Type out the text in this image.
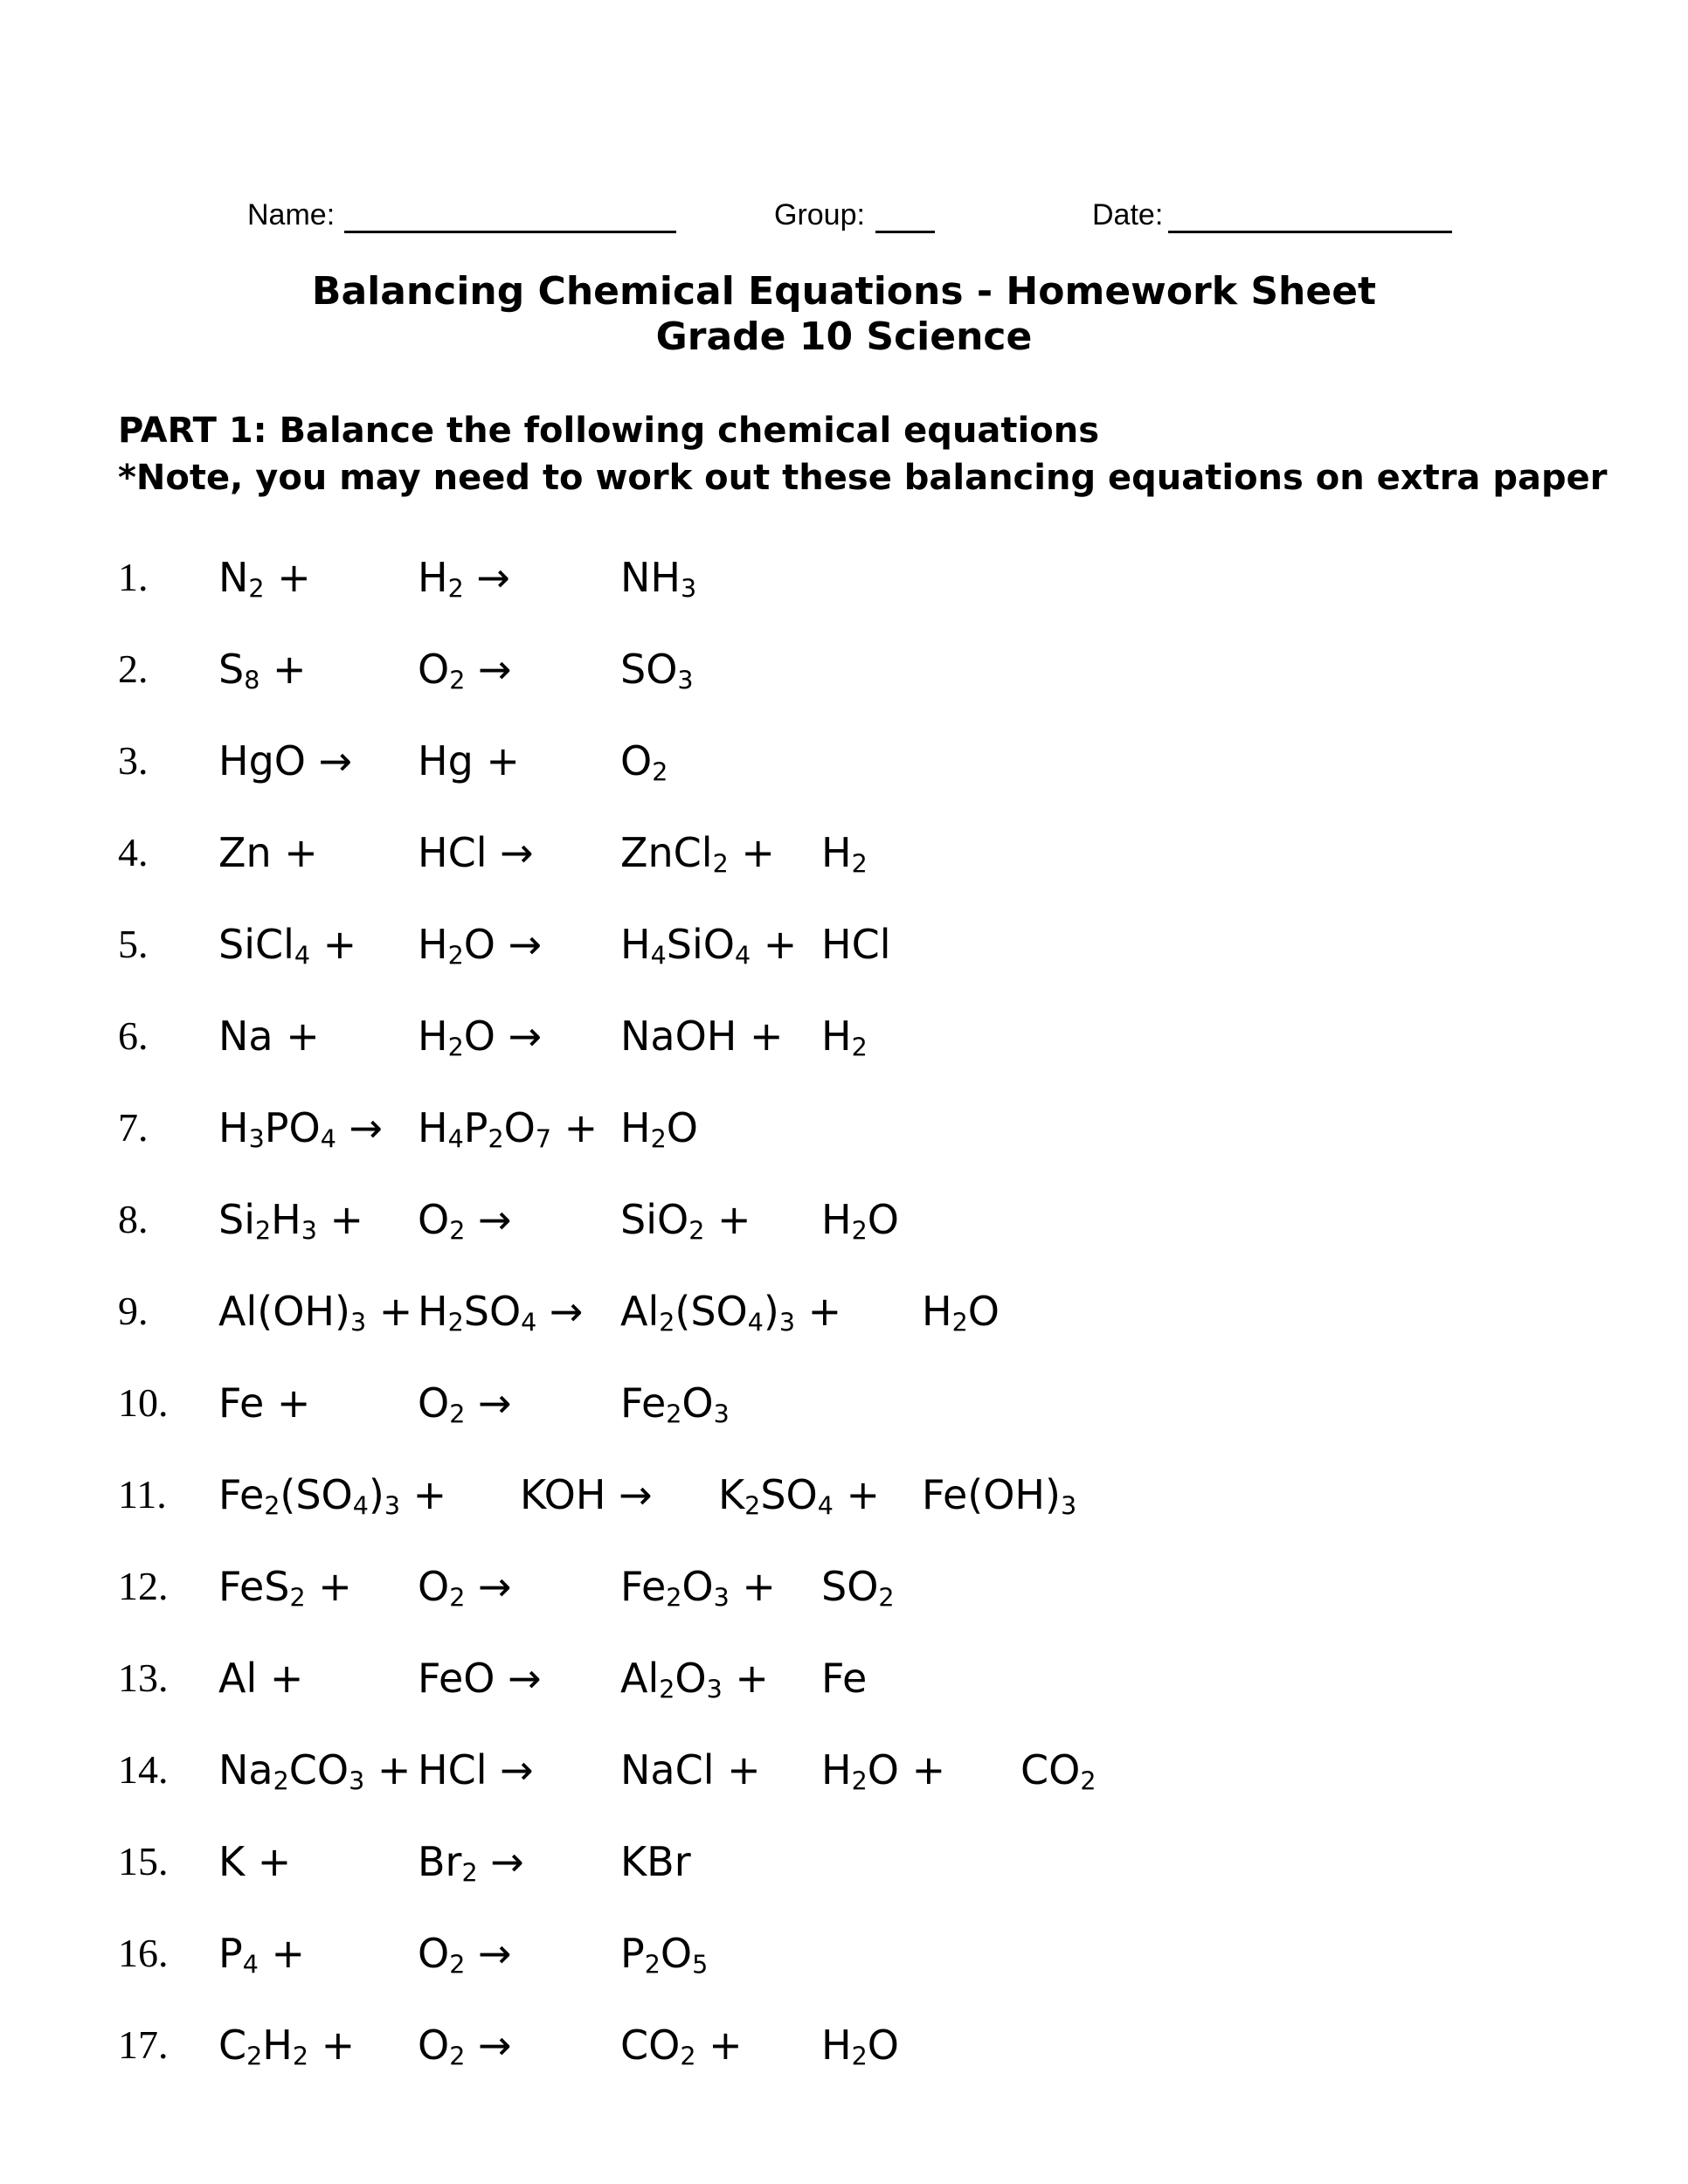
Name:	Group:	Date:
Balancing Chemical Equations - Homework Sheet
Grade 10 Science
PART 1: Balance the following chemical equations
*Note, you may need to work out these balancing equations on extra paper
1. $N_2$ +	$H_2$ →	$NH_3$
2. $S_8$ +	$O_2$ →	$SO_3$
3. HgO → Hg +	$O_2$
4. Zn + HCl → ZnCl$_2$ + $H_2$
5. SiCl$_4$ + $H_2O \to H_4SiO_4$ + HCl
6. $Na + H_2O$ → NaOH + $H_2$
7. $H_3PO_4 \to H_4P_2O_7 + H_2O$
8. $Si_2H_3 + O_2$ →	$SiO_2 + H_2O$
9. $Al(OH)_3 + H_2SO_4 \to Al_2(SO_4)_3 + H_2O$
10. Fe +	$O_2$ →	$Fe_2O_3$
11. $Fe_2(SO_4)_3$ + KOH → $K_2SO_4 + Fe(OH)_3$
12. $FeS_2 + O_2$ →	$Fe_2O_3 + SO_2$
13. Al +	FeO → $Al_2O_3 + Fe$
14. $Na_2CO_3$ + HCl → NaCl + $H_2O + CO_2$
15. K +	$Br_2$ → KBr
16. $P_4$ +	$O_2$ →	$P_2O_5$
17. $C_2H_2 + O_2$ →	$CO_2 + H_2O$
